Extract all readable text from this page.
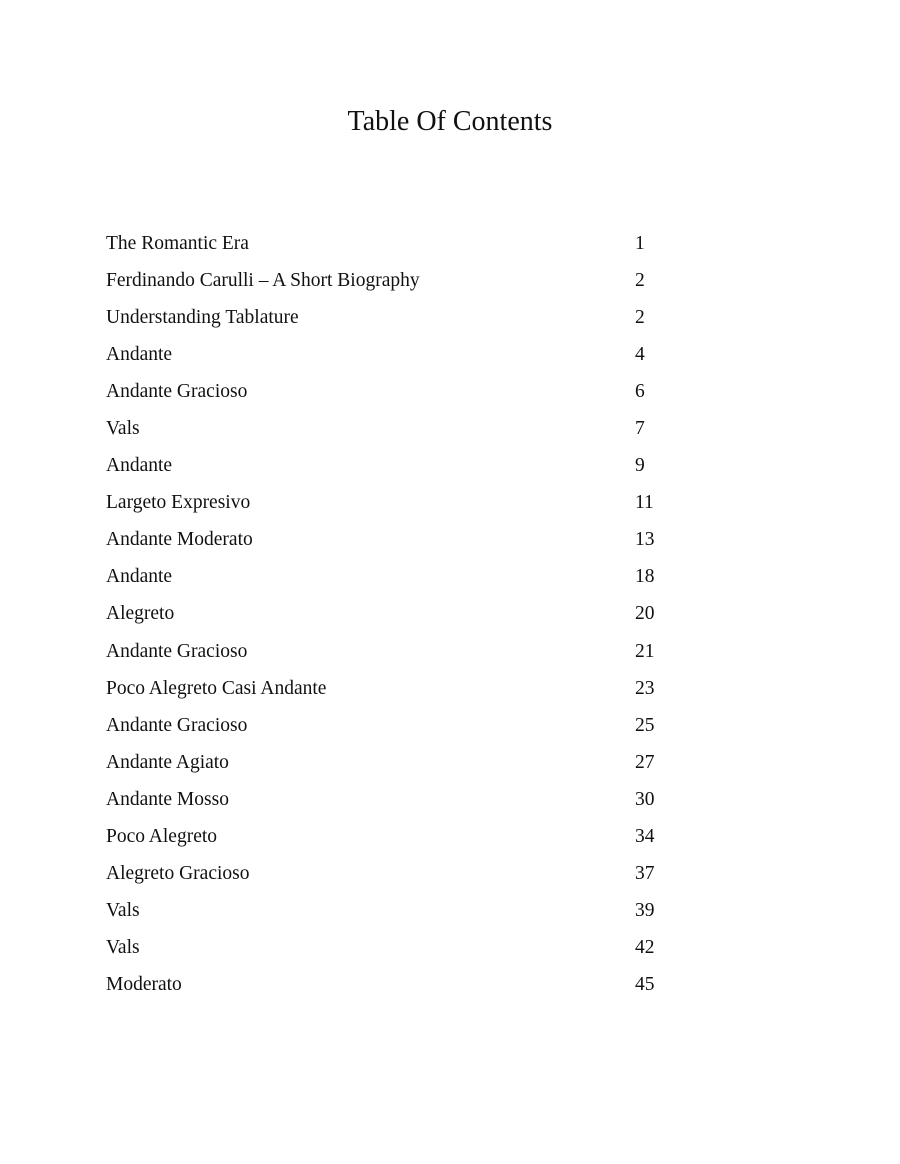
Table Of Contents
The Romantic Era	1
Ferdinando Carulli – A Short Biography	2
Understanding Tablature	2
Andante	4
Andante Gracioso	6
Vals	7
Andante	9
Largeto Expresivo	11
Andante Moderato	13
Andante	18
Alegreto	20
Andante Gracioso	21
Poco Alegreto Casi Andante	23
Andante Gracioso	25
Andante Agiato	27
Andante Mosso	30
Poco Alegreto	34
Alegreto Gracioso	37
Vals	39
Vals	42
Moderato	45
